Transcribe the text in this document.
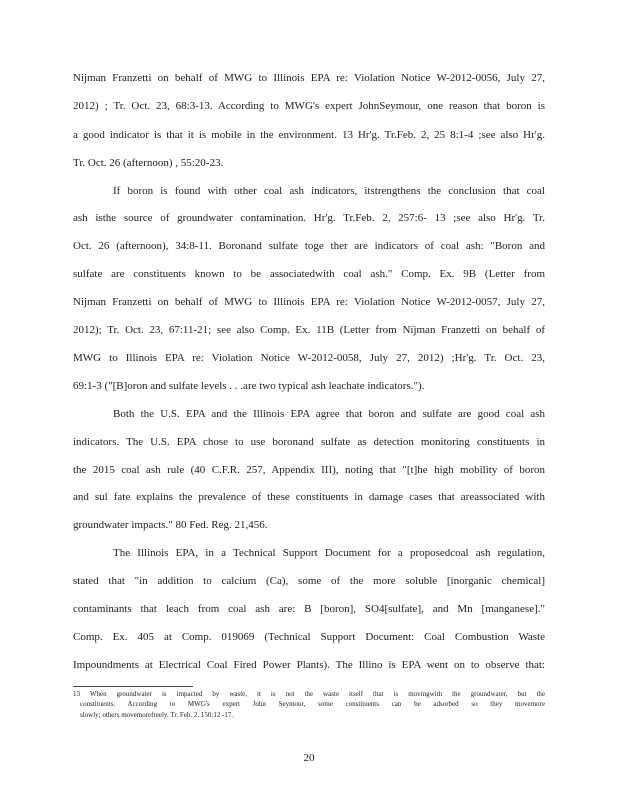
Nijman Franzetti on behalf of MWG to Illinois EPA re: Violation Notice W-2012-0056, July 27,
2012) ; Tr. Oct. 23, 68:3-13. According to MWG's expert JohnSeymour, one reason that boron is
a good indicator is that it is mobile in the environment. 13 Hr'g. Tr.Feb. 2, 25 8:1-4 ;see also Hr'g.
Tr. Oct. 26 (afternoon) , 55:20-23.
If boron is found with other coal ash indicators, itstrengthens the conclusion that coal
ash isthe source of groundwater contamination. Hr'g. Tr.Feb. 2, 257:6- 13 ;see also Hr'g. Tr.
Oct. 26 (afternoon), 34:8-11. Boronand sulfate toge ther are indicators of coal ash: "Boron and
sulfate are constituents known to be associatedwith coal ash." Comp. Ex. 9B (Letter from
Nijman Franzetti on behalf of MWG to Illinois EPA re: Violation Notice W-2012-0057, July 27,
2012); Tr. Oct. 23, 67:11-21; see also Comp. Ex. 11B (Letter from Nijman Franzetti on behalf of
MWG to Illinois EPA re: Violation Notice W-2012-0058, July 27, 2012) ;Hr'g. Tr. Oct. 23,
69:1-3 ("[B]oron and sulfate levels . . .are two typical ash leachate indicators.").
Both the U.S. EPA and the Illinois EPA agree that boron and sulfate are good coal ash
indicators. The U.S. EPA chose to use boronand sulfate as detection monitoring constituents in
the 2015 coal ash rule (40 C.F.R. 257, Appendix III), noting that "[t]he high mobility of boron
and sul fate explains the prevalence of these constituents in damage cases that areassociated with
groundwater impacts." 80 Fed. Reg. 21,456.
The Illinois EPA, in a Technical Support Document for a proposedcoal ash regulation,
stated that "in addition to calcium (Ca), some of the more soluble [inorganic chemical]
contaminants that leach from coal ash are: B [boron], SO4[sulfate], and Mn [manganese]."
Comp. Ex. 405 at Comp. 019069 (Technical Support Document: Coal Combustion Waste
Impoundments at Electrical Coal Fired Power Plants). The Illino is EPA went on to observe that:
13 When groundwater is impacted by waste, it is not the waste itself that is movingwith the groundwater, but the
constituents. According to MWG's expert John Seymour, some constituents can be adsorbed so they movemore
slowly; others movemorefreely. Tr. Feb. 2, 150:12 -17.
20
